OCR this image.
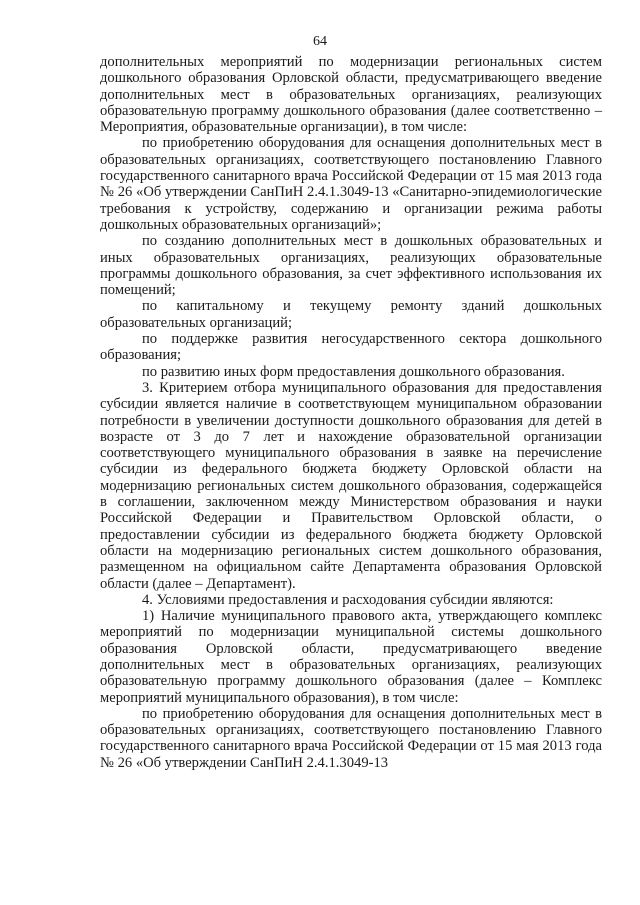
64

дополнительных мероприятий по модернизации региональных систем дошкольного образования Орловской области, предусматривающего введение дополнительных мест в образовательных организациях, реализующих образовательную программу дошкольного образования (далее соответственно – Мероприятия, образовательные организации), в том числе:

по приобретению оборудования для оснащения дополнительных мест в образовательных организациях, соответствующего постановлению Главного государственного санитарного врача Российской Федерации от 15 мая 2013 года № 26 «Об утверждении СанПиН 2.4.1.3049-13 «Санитарно-эпидемиологические требования к устройству, содержанию и организации режима работы дошкольных образовательных организаций»;

по созданию дополнительных мест в дошкольных образовательных и иных образовательных организациях, реализующих образовательные программы дошкольного образования, за счет эффективного использования их помещений;

по капитальному и текущему ремонту зданий дошкольных образовательных организаций;

по поддержке развития негосударственного сектора дошкольного образования;

по развитию иных форм предоставления дошкольного образования.

3. Критерием отбора муниципального образования для предоставления субсидии является наличие в соответствующем муниципальном образовании потребности в увеличении доступности дошкольного образования для детей в возрасте от 3 до 7 лет и нахождение образовательной организации соответствующего муниципального образования в заявке на перечисление субсидии из федерального бюджета бюджету Орловской области на модернизацию региональных систем дошкольного образования, содержащейся в соглашении, заключенном между Министерством образования и науки Российской Федерации и Правительством Орловской области, о предоставлении субсидии из федерального бюджета бюджету Орловской области на модернизацию региональных систем дошкольного образования, размещенном на официальном сайте Департамента образования Орловской области (далее – Департамент).

4. Условиями предоставления и расходования субсидии являются:

1) Наличие муниципального правового акта, утверждающего комплекс мероприятий по модернизации муниципальной системы дошкольного образования Орловской области, предусматривающего введение дополнительных мест в образовательных организациях, реализующих образовательную программу дошкольного образования (далее – Комплекс мероприятий муниципального образования), в том числе:

по приобретению оборудования для оснащения дополнительных мест в образовательных организациях, соответствующего постановлению Главного государственного санитарного врача Российской Федерации от 15 мая 2013 года № 26 «Об утверждении СанПиН 2.4.1.3049-13
